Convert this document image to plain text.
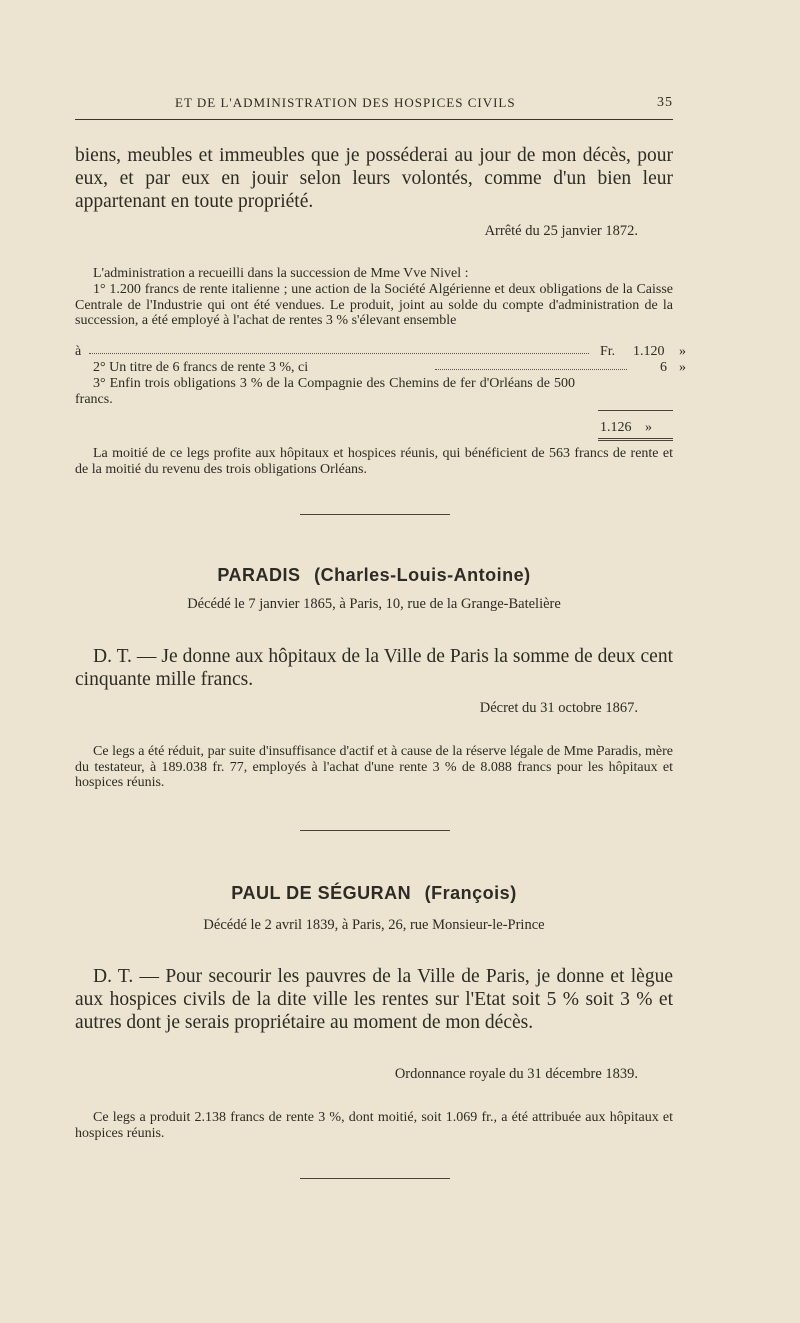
ET DE L'ADMINISTRATION DES HOSPICES CIVILS	35
biens, meubles et immeubles que je posséderai au jour de mon décès, pour eux, et par eux en jouir selon leurs volontés, comme d'un bien leur appartenant en toute propriété.
Arrêté du 25 janvier 1872.
L'administration a recueilli dans la succession de Mme Vve Nivel :
1° 1.200 francs de rente italienne ; une action de la Société Algérienne et deux obligations de la Caisse Centrale de l'Industrie qui ont été vendues. Le produit, joint au solde du compte d'administration de la succession, a été employé à l'achat de rentes 3 % s'élevant ensemble
à	Fr. 1.120 »
2° Un titre de 6 francs de rente 3 %, ci	6 »
3° Enfin trois obligations 3 % de la Compagnie des Chemins de fer d'Orléans de 500 francs.
1.126 »
La moitié de ce legs profite aux hôpitaux et hospices réunis, qui bénéficient de 563 francs de rente et de la moitié du revenu des trois obligations Orléans.
PARADIS (Charles-Louis-Antoine)
Décédé le 7 janvier 1865, à Paris, 10, rue de la Grange-Batelière
D. T. — Je donne aux hôpitaux de la Ville de Paris la somme de deux cent cinquante mille francs.
Décret du 31 octobre 1867.
Ce legs a été réduit, par suite d'insuffisance d'actif et à cause de la réserve légale de Mme Paradis, mère du testateur, à 189.038 fr. 77, employés à l'achat d'une rente 3 % de 8.088 francs pour les hôpitaux et hospices réunis.
PAUL DE SÉGURAN (François)
Décédé le 2 avril 1839, à Paris, 26, rue Monsieur-le-Prince
D. T. — Pour secourir les pauvres de la Ville de Paris, je donne et lègue aux hospices civils de la dite ville les rentes sur l'Etat soit 5 % soit 3 % et autres dont je serais propriétaire au moment de mon décès.
Ordonnance royale du 31 décembre 1839.
Ce legs a produit 2.138 francs de rente 3 %, dont moitié, soit 1.069 fr., a été attribuée aux hôpitaux et hospices réunis.
